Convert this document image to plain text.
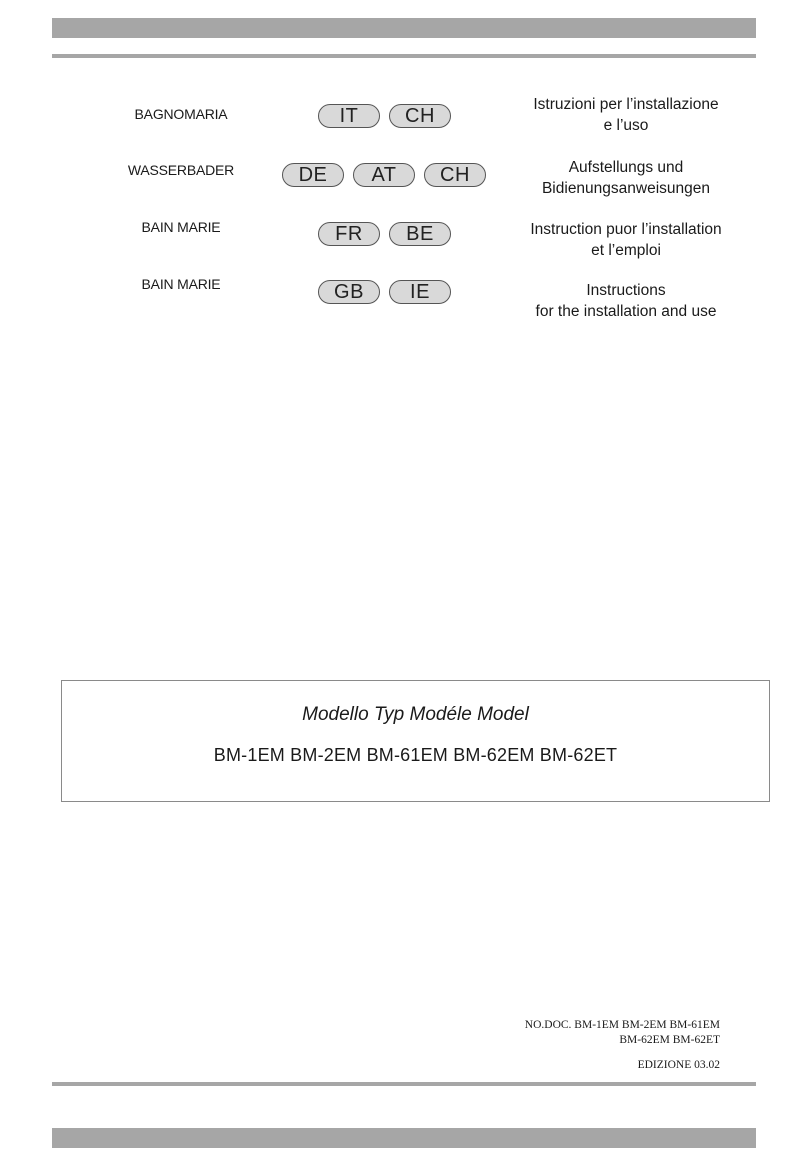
BAGNOMARIA	IT	CH	Istruzioni per l’installazione
e l’uso
WASSERBADER	DE	AT	CH	Aufstellungs und
Bidienungsanweisungen
BAIN MARIE	FR	BE	Instruction puor l’installation
et l’emploi
BAIN MARIE	GB	IE	Instructions
for the installation and use
Modello Typ Modéle Model
BM-1EM BM-2EM BM-61EM BM-62EM BM-62ET
NO.DOC. BM-1EM BM-2EM BM-61EM
BM-62EM BM-62ET
EDIZIONE 03.02
